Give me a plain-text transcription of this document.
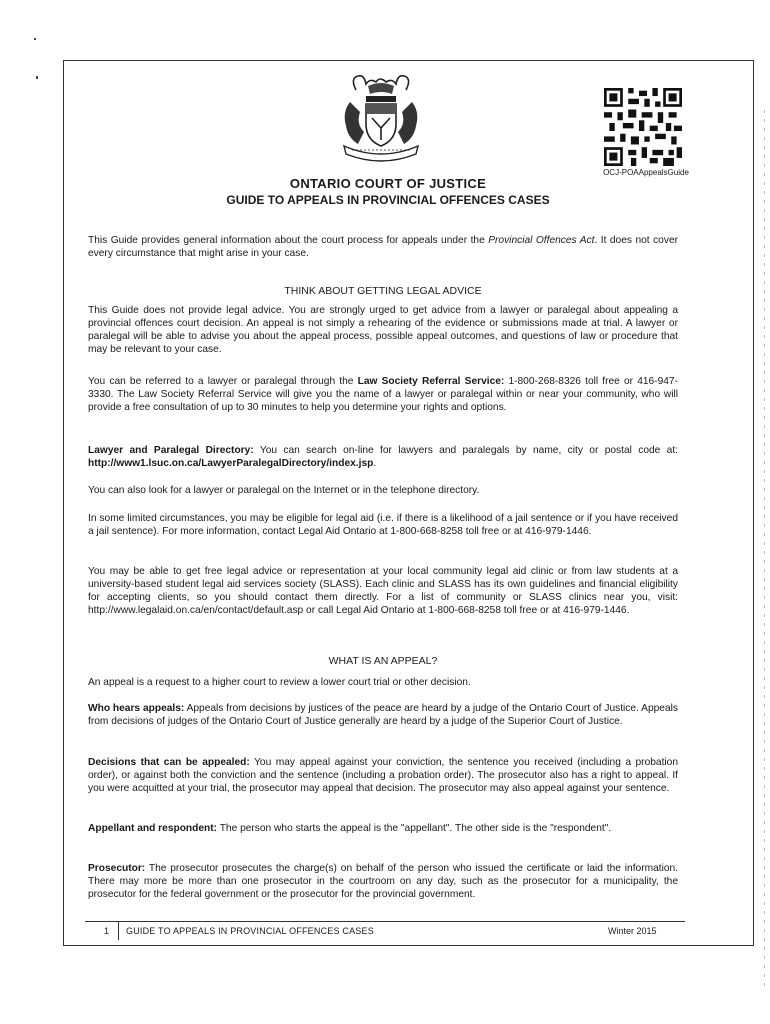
OCJ-POAAppealsGuide
ONTARIO COURT OF JUSTICE
GUIDE TO APPEALS IN PROVINCIAL OFFENCES CASES
This Guide provides general information about the court process for appeals under the Provincial Offences Act. It does not cover every circumstance that might arise in your case.
THINK ABOUT GETTING LEGAL ADVICE
This Guide does not provide legal advice. You are strongly urged to get advice from a lawyer or paralegal about appealing a provincial offences court decision. An appeal is not simply a rehearing of the evidence or submissions made at trial. A lawyer or paralegal will be able to advise you about the appeal process, possible appeal outcomes, and questions of law or procedure that may be relevant to your case.
You can be referred to a lawyer or paralegal through the Law Society Referral Service: 1-800-268-8326 toll free or 416-947-3330. The Law Society Referral Service will give you the name of a lawyer or paralegal within or near your community, who will provide a free consultation of up to 30 minutes to help you determine your rights and options.
Lawyer and Paralegal Directory: You can search on-line for lawyers and paralegals by name, city or postal code at: http://www1.lsuc.on.ca/LawyerParalegalDirectory/index.jsp.
You can also look for a lawyer or paralegal on the Internet or in the telephone directory.
In some limited circumstances, you may be eligible for legal aid (i.e. if there is a likelihood of a jail sentence or if you have received a jail sentence). For more information, contact Legal Aid Ontario at 1-800-668-8258 toll free or at 416-979-1446.
You may be able to get free legal advice or representation at your local community legal aid clinic or from law students at a university-based student legal aid services society (SLASS). Each clinic and SLASS has its own guidelines and financial eligibility for accepting clients, so you should contact them directly. For a list of community or SLASS clinics near you, visit: http://www.legalaid.on.ca/en/contact/default.asp or call Legal Aid Ontario at 1-800-668-8258 toll free or at 416-979-1446.
WHAT IS AN APPEAL?
An appeal is a request to a higher court to review a lower court trial or other decision.
Who hears appeals: Appeals from decisions by justices of the peace are heard by a judge of the Ontario Court of Justice. Appeals from decisions of judges of the Ontario Court of Justice generally are heard by a judge of the Superior Court of Justice.
Decisions that can be appealed: You may appeal against your conviction, the sentence you received (including a probation order), or against both the conviction and the sentence (including a probation order). The prosecutor also has a right to appeal. If you were acquitted at your trial, the prosecutor may appeal that decision. The prosecutor may also appeal against your sentence.
Appellant and respondent: The person who starts the appeal is the "appellant". The other side is the "respondent".
Prosecutor: The prosecutor prosecutes the charge(s) on behalf of the person who issued the certificate or laid the information. There may more be more than one prosecutor in the courtroom on any day, such as the prosecutor for a municipality, the prosecutor for the federal government or the prosecutor for the provincial government.
1 GUIDE TO APPEALS IN PROVINCIAL OFFENCES CASES	Winter 2015
